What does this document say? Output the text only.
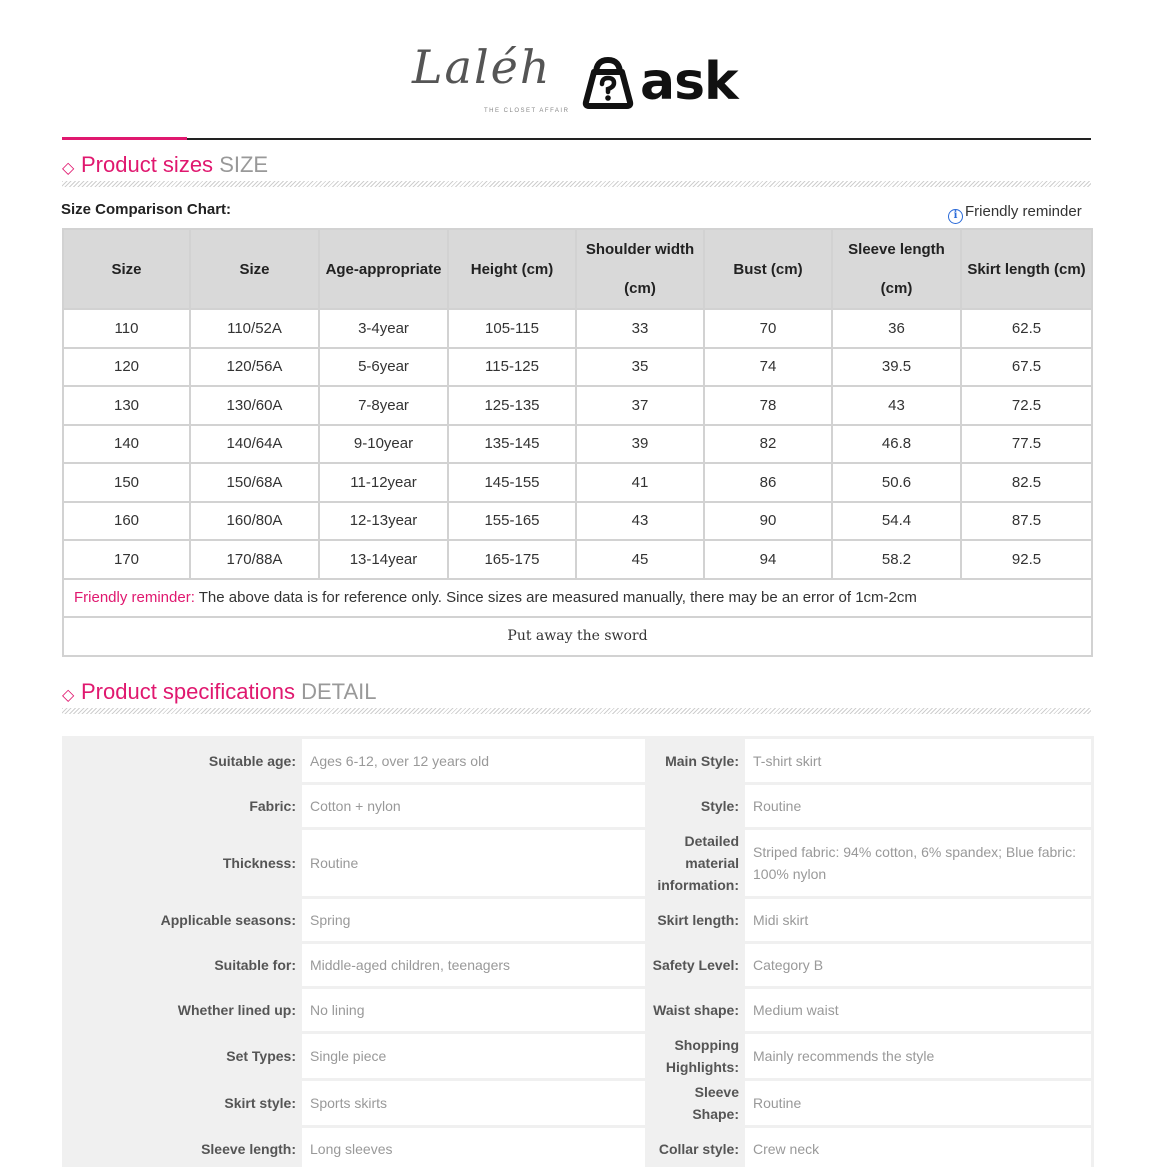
Laléh
THE CLOSET AFFAIR ask
◇ Product sizes SIZE
Size Comparison Chart:	i Friendly reminder
Size	Size	Age-appropriate	Height (cm)	Shoulder width (cm)	Bust (cm)	Sleeve length (cm)	Skirt length (cm)
110	110/52A	3-4year	105-115	33	70	36	62.5
120	120/56A	5-6year	115-125	35	74	39.5	67.5
130	130/60A	7-8year	125-135	37	78	43	72.5
140	140/64A	9-10year	135-145	39	82	46.8	77.5
150	150/68A	11-12year	145-155	41	86	50.6	82.5
160	160/80A	12-13year	155-165	43	90	54.4	87.5
170	170/88A	13-14year	165-175	45	94	58.2	92.5
Friendly reminder: The above data is for reference only. Since sizes are measured manually, there may be an error of 1cm-2cm							
Put away the sword							
◇ Product specifications DETAIL
Suitable age:	Ages 6-12, over 12 years old	Main Style:	T-shirt skirt
Fabric:	Cotton + nylon	Style:	Routine
Thickness:	Routine	Detailed material information:	Striped fabric: 94% cotton, 6% spandex; Blue fabric: 100% nylon
Applicable seasons:	Spring	Skirt length:	Midi skirt
Suitable for:	Middle-aged children, teenagers	Safety Level:	Category B
Whether lined up:	No lining	Waist shape:	Medium waist
Set Types:	Single piece	Shopping Highlights:	Mainly recommends the style
Skirt style:	Sports skirts	Sleeve Shape:	Routine
Sleeve length:	Long sleeves	Collar style:	Crew neck
